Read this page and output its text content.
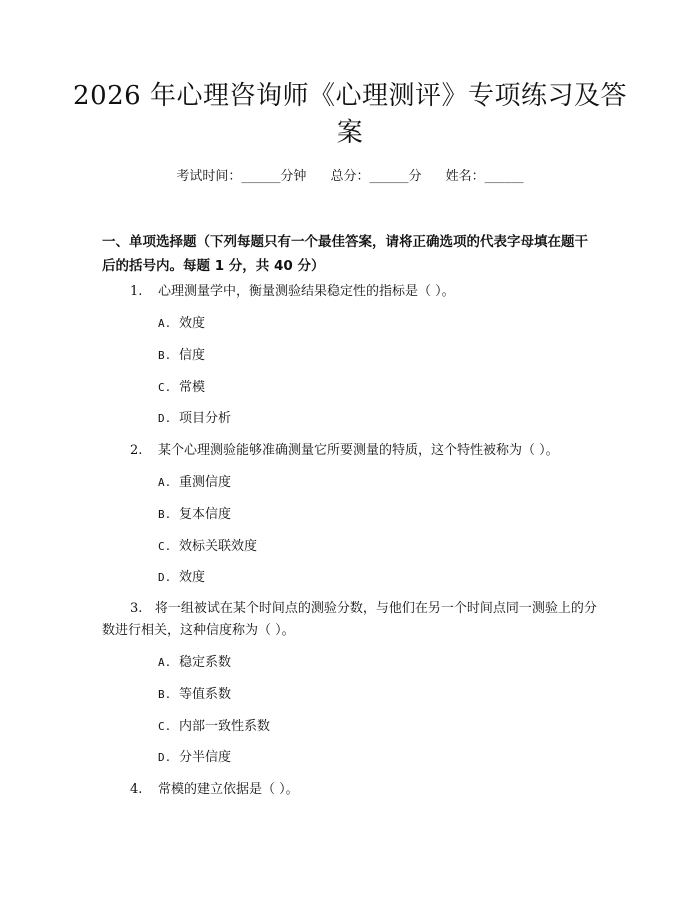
2026 年心理咨询师《心理测评》专项练习及答案
考试时间：______分钟 总分：______分 姓名：______
一、单项选择题（下列每题只有一个最佳答案，请将正确选项的代表字母填在题干后的括号内。每题 1 分，共 40 分）
1. 心理测量学中，衡量测验结果稳定性的指标是（ ）。
A. 效度
B. 信度
C. 常模
D. 项目分析
2. 某个心理测验能够准确测量它所要测量的特质，这个特性被称为（ ）。
A. 重测信度
B. 复本信度
C. 效标关联效度
D. 效度
3. 将一组被试在某个时间点的测验分数，与他们在另一个时间点同一测验上的分数进行相关，这种信度称为（ ）。
A. 稳定系数
B. 等值系数
C. 内部一致性系数
D. 分半信度
4. 常模的建立依据是（ ）。
